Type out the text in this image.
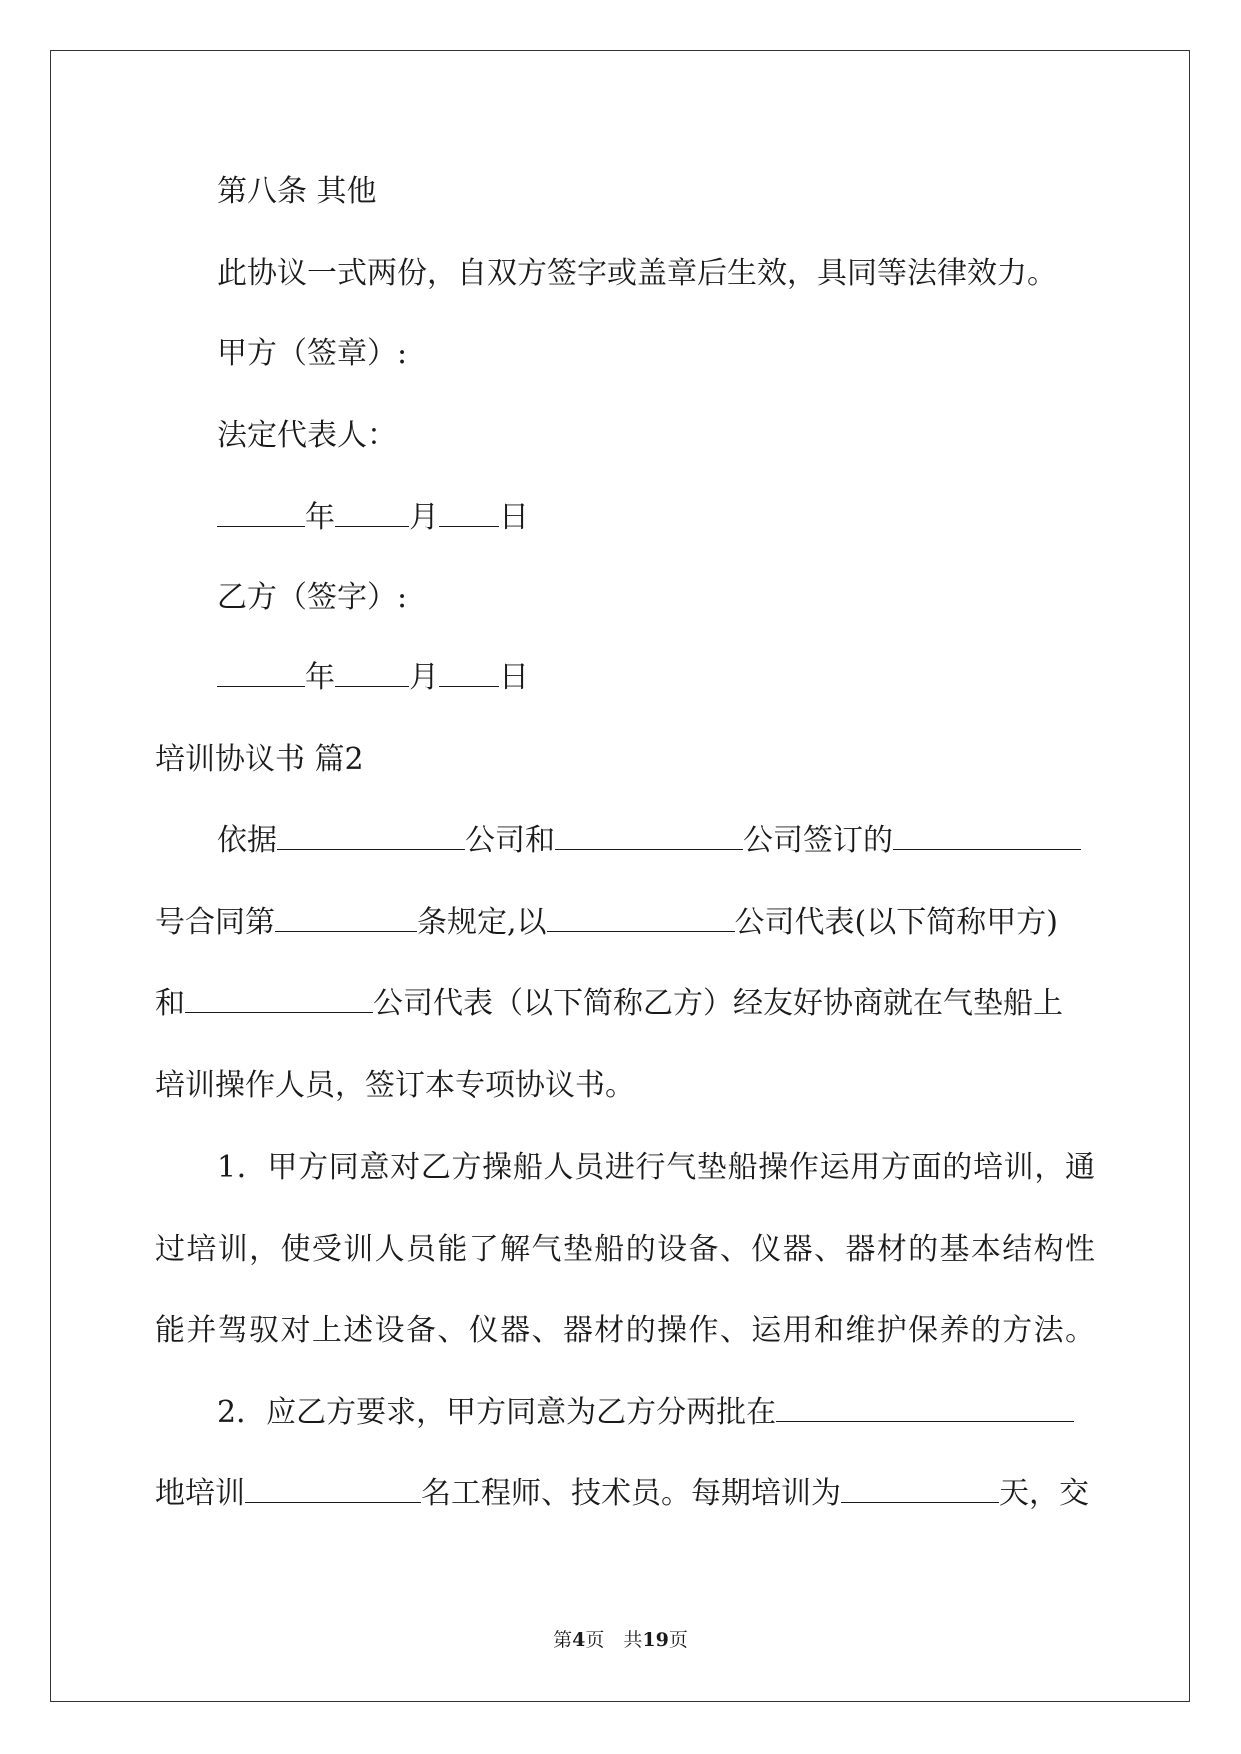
第八条 其他
此协议一式两份，自双方签字或盖章后生效，具同等法律效力。
甲方（签章）:
法定代表人：
年 月 日
乙方（签字）:
年 月 日
培训协议书 篇2
依据	公司和	公司签订的
号合同第	条规定,以	公司代表(以下简称甲方)
和	公司代表（以下简称乙方）经友好协商就在气垫船上
培训操作人员，签订本专项协议书。
1．甲方同意对乙方操船人员进行气垫船操作运用方面的培训，通
过培训，使受训人员能了解气垫船的设备、仪器、器材的基本结构性
能并驾驭对上述设备、仪器、器材的操作、运用和维护保养的方法。
2．应乙方要求，甲方同意为乙方分两批在
地培训	名工程师、技术员。每期培训为	天，交
第4页　共19页
